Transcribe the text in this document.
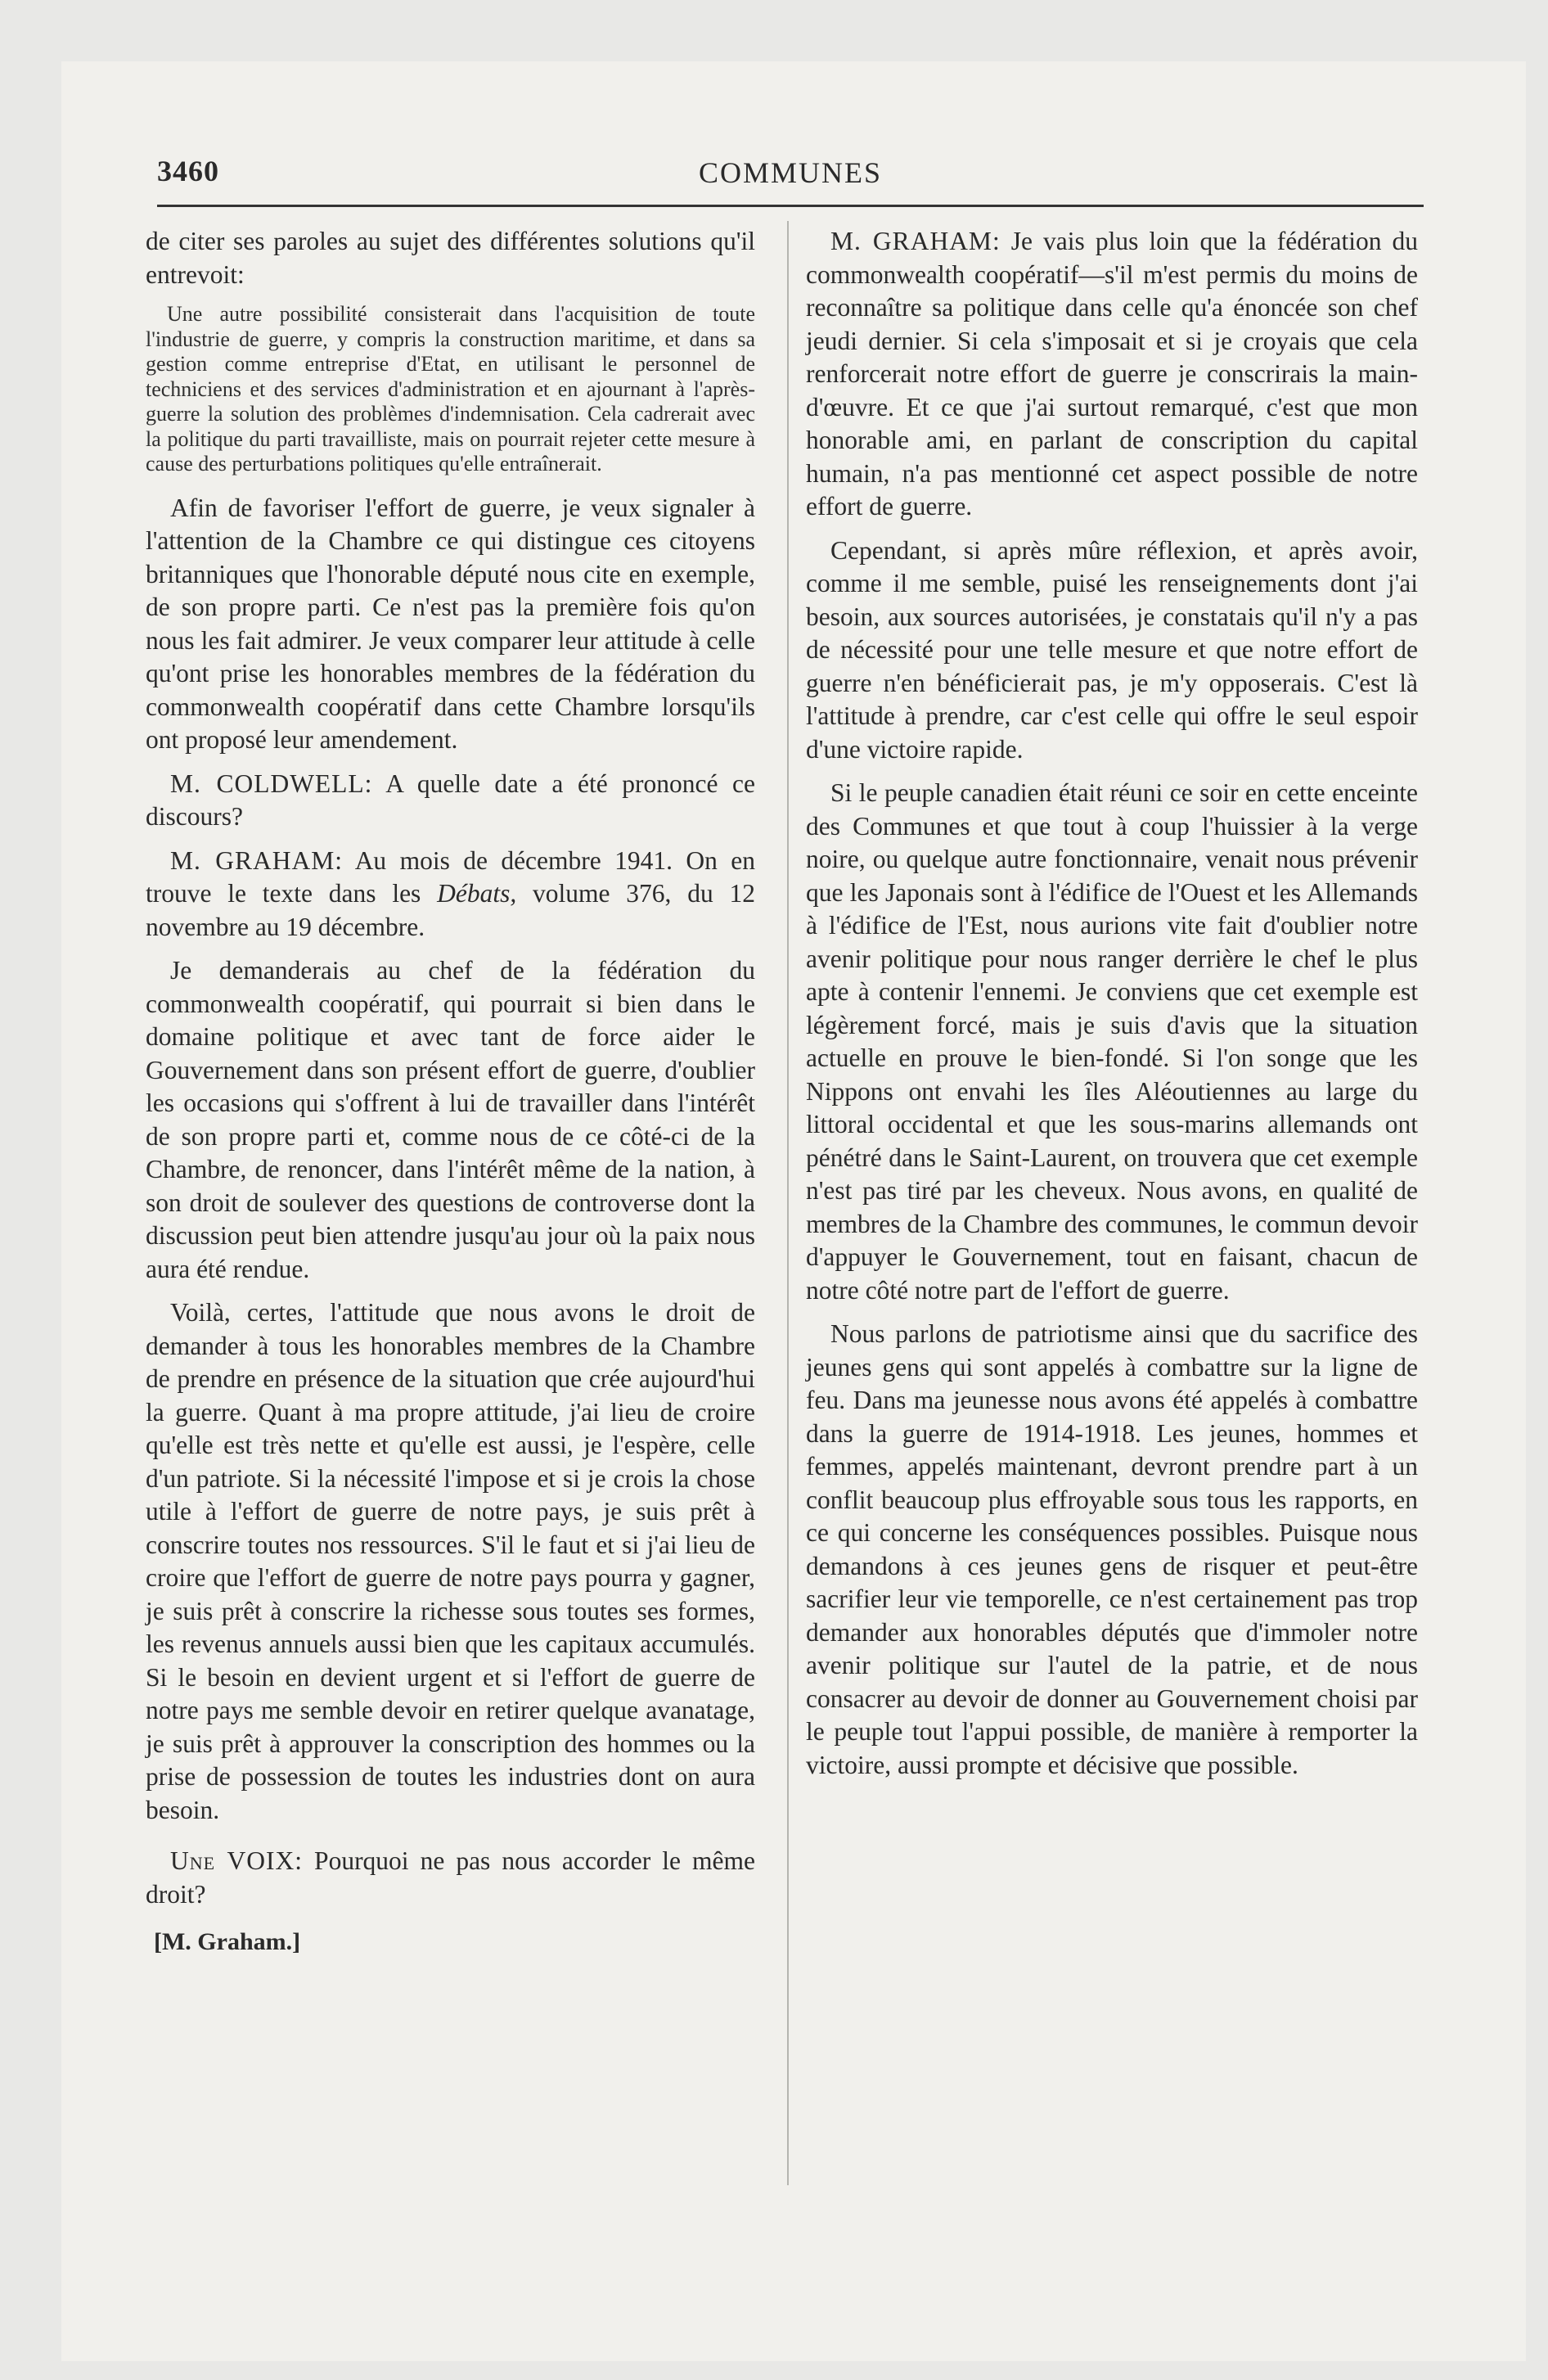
3460	COMMUNES

de citer ses paroles au sujet des différentes solutions qu'il entrevoit:

Une autre possibilité consisterait dans l'acquisition de toute l'industrie de guerre, y compris la construction maritime, et dans sa gestion comme entreprise d'Etat, en utilisant le personnel de techniciens et des services d'administration et en ajournant à l'après-guerre la solution des problèmes d'indemnisation. Cela cadrerait avec la politique du parti travailliste, mais on pourrait rejeter cette mesure à cause des perturbations politiques qu'elle entraînerait.

Afin de favoriser l'effort de guerre, je veux signaler à l'attention de la Chambre ce qui distingue ces citoyens britanniques que l'honorable député nous cite en exemple, de son propre parti. Ce n'est pas la première fois qu'on nous les fait admirer. Je veux comparer leur attitude à celle qu'ont prise les honorables membres de la fédération du commonwealth coopératif dans cette Chambre lorsqu'ils ont proposé leur amendement.

M. COLDWELL: A quelle date a été prononcé ce discours?

M. GRAHAM: Au mois de décembre 1941. On en trouve le texte dans les Débats, volume 376, du 12 novembre au 19 décembre.

Je demanderais au chef de la fédération du commonwealth coopératif, qui pourrait si bien dans le domaine politique et avec tant de force aider le Gouvernement dans son présent effort de guerre, d'oublier les occasions qui s'offrent à lui de travailler dans l'intérêt de son propre parti et, comme nous de ce côté-ci de la Chambre, de renoncer, dans l'intérêt même de la nation, à son droit de soulever des questions de controverse dont la discussion peut bien attendre jusqu'au jour où la paix nous aura été rendue.

Voilà, certes, l'attitude que nous avons le droit de demander à tous les honorables membres de la Chambre de prendre en présence de la situation que crée aujourd'hui la guerre. Quant à ma propre attitude, j'ai lieu de croire qu'elle est très nette et qu'elle est aussi, je l'espère, celle d'un patriote. Si la nécessité l'impose et si je crois la chose utile à l'effort de guerre de notre pays, je suis prêt à conscrire toutes nos ressources. S'il le faut et si j'ai lieu de croire que l'effort de guerre de notre pays pourra y gagner, je suis prêt à conscrire la richesse sous toutes ses formes, les revenus annuels aussi bien que les capitaux accumulés. Si le besoin en devient urgent et si l'effort de guerre de notre pays me semble devoir en retirer quelque avanatage, je suis prêt à approuver la conscription des hommes ou la prise de possession de toutes les industries dont on aura besoin.

Une VOIX: Pourquoi ne pas nous accorder le même droit?

[M. Graham.]

M. GRAHAM: Je vais plus loin que la fédération du commonwealth coopératif—s'il m'est permis du moins de reconnaître sa politique dans celle qu'a énoncée son chef jeudi dernier. Si cela s'imposait et si je croyais que cela renforcerait notre effort de guerre je conscrirais la main-d'œuvre. Et ce que j'ai surtout remarqué, c'est que mon honorable ami, en parlant de conscription du capital humain, n'a pas mentionné cet aspect possible de notre effort de guerre.

Cependant, si après mûre réflexion, et après avoir, comme il me semble, puisé les renseignements dont j'ai besoin, aux sources autorisées, je constatais qu'il n'y a pas de nécessité pour une telle mesure et que notre effort de guerre n'en bénéficierait pas, je m'y opposerais. C'est là l'attitude à prendre, car c'est celle qui offre le seul espoir d'une victoire rapide.

Si le peuple canadien était réuni ce soir en cette enceinte des Communes et que tout à coup l'huissier à la verge noire, ou quelque autre fonctionnaire, venait nous prévenir que les Japonais sont à l'édifice de l'Ouest et les Allemands à l'édifice de l'Est, nous aurions vite fait d'oublier notre avenir politique pour nous ranger derrière le chef le plus apte à contenir l'ennemi. Je conviens que cet exemple est légèrement forcé, mais je suis d'avis que la situation actuelle en prouve le bien-fondé. Si l'on songe que les Nippons ont envahi les îles Aléoutiennes au large du littoral occidental et que les sous-marins allemands ont pénétré dans le Saint-Laurent, on trouvera que cet exemple n'est pas tiré par les cheveux. Nous avons, en qualité de membres de la Chambre des communes, le commun devoir d'appuyer le Gouvernement, tout en faisant, chacun de notre côté notre part de l'effort de guerre.

Nous parlons de patriotisme ainsi que du sacrifice des jeunes gens qui sont appelés à combattre sur la ligne de feu. Dans ma jeunesse nous avons été appelés à combattre dans la guerre de 1914-1918. Les jeunes, hommes et femmes, appelés maintenant, devront prendre part à un conflit beaucoup plus effroyable sous tous les rapports, en ce qui concerne les conséquences possibles. Puisque nous demandons à ces jeunes gens de risquer et peut-être sacrifier leur vie temporelle, ce n'est certainement pas trop demander aux honorables députés que d'immoler notre avenir politique sur l'autel de la patrie, et de nous consacrer au devoir de donner au Gouvernement choisi par le peuple tout l'appui possible, de manière à remporter la victoire, aussi prompte et décisive que possible.
